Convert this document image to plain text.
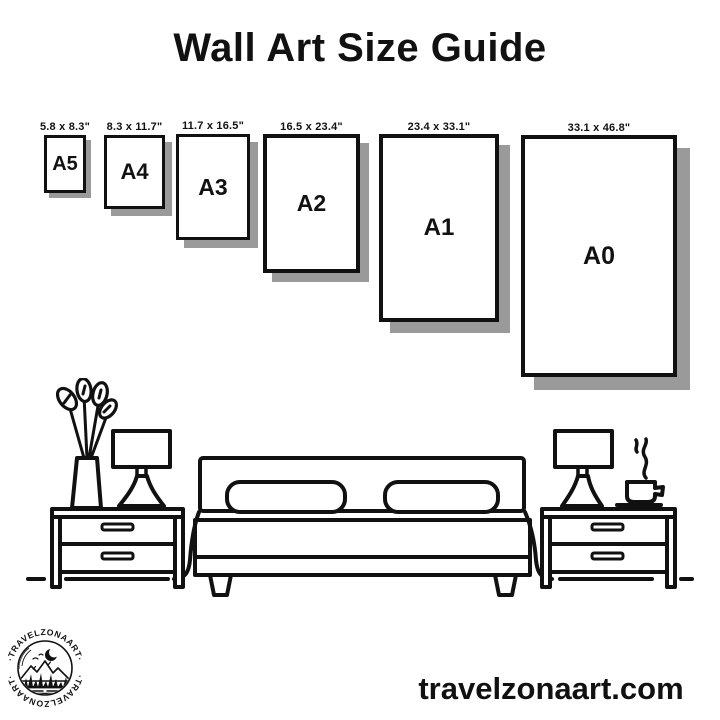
Wall Art Size Guide
5.8 x 8.3"
A5
8.3 x 11.7"
A4
11.7 x 16.5"
A3
16.5 x 23.4"
A2
23.4 x 33.1"
A1
33.1 x 46.8"
A0
·TRAVELZONAART·
·TRAVELZONAART·	travelzonaart.com
